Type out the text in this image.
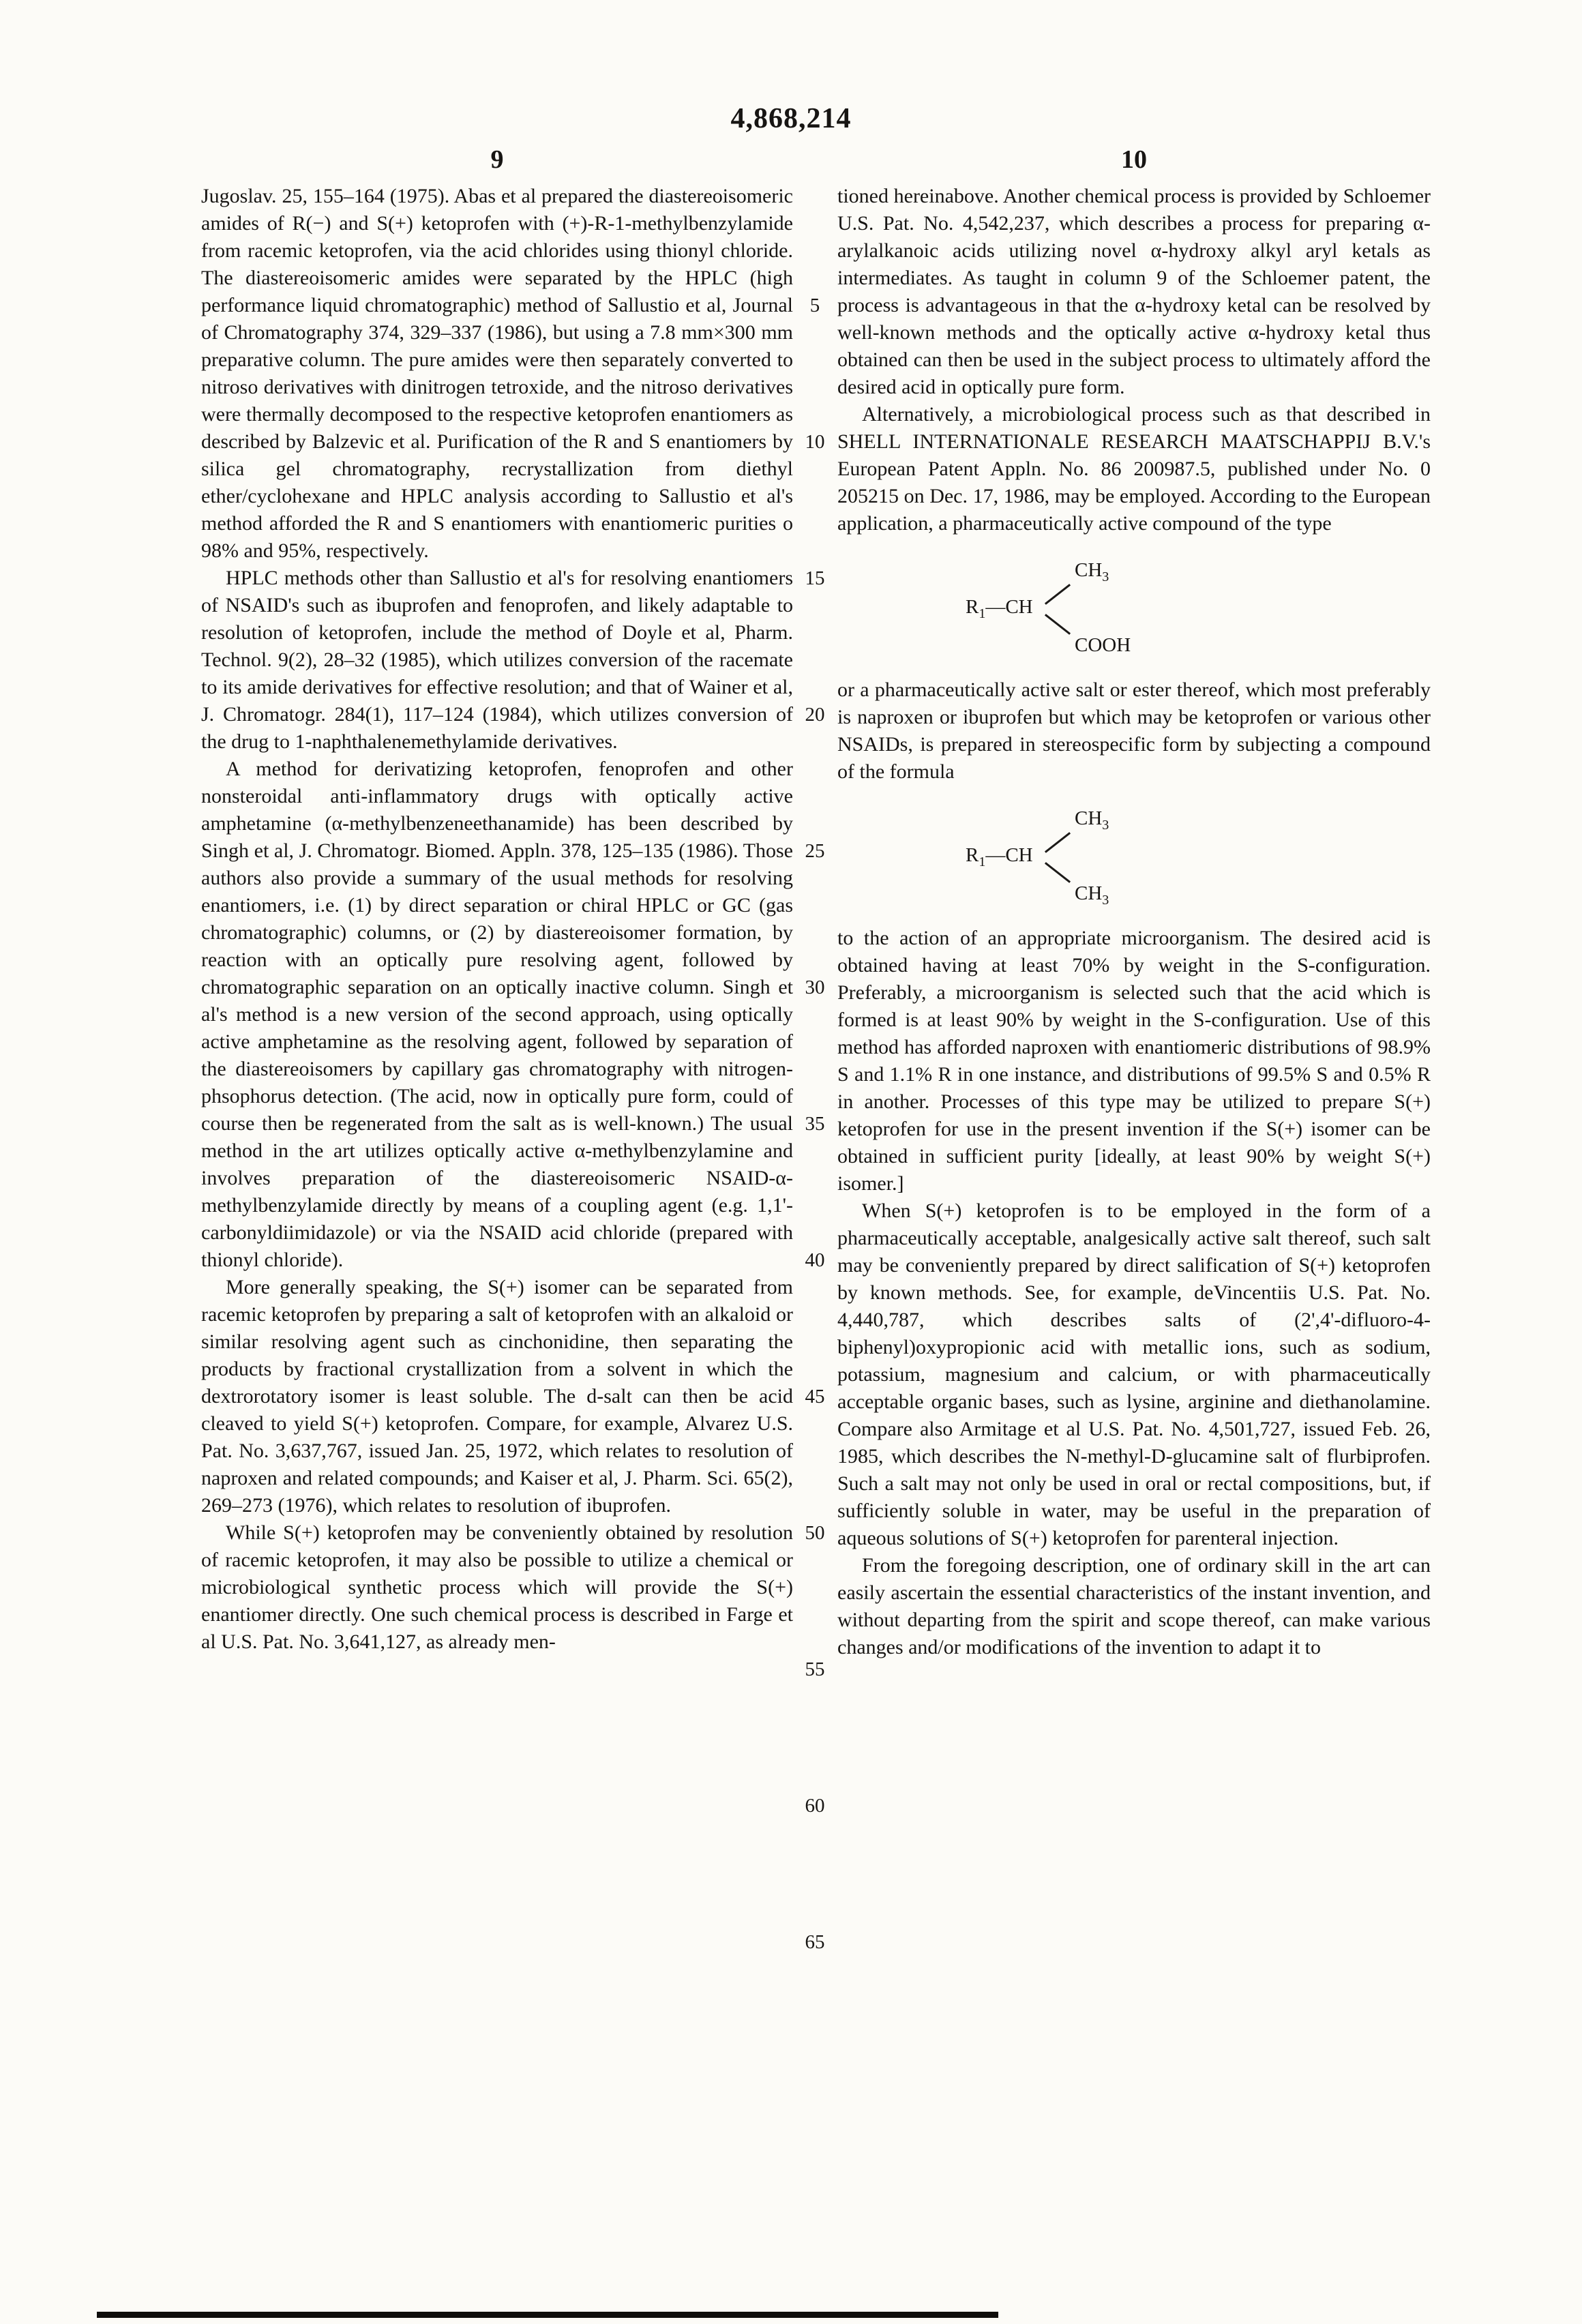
4,868,214
9	10

Jugoslav. 25, 155–164 (1975). Abas et al prepared the diastereoisomeric amides of R(−) and S(+) ketoprofen with (+)-R-1-methylbenzylamide from racemic ketoprofen, via the acid chlorides using thionyl chloride. The diastereoisomeric amides were separated by the HPLC (high performance liquid chromatographic) method of Sallustio et al, Journal of Chromatography 374, 329–337 (1986), but using a 7.8 mm×300 mm preparative column. The pure amides were then separately converted to nitroso derivatives with dinitrogen tetroxide, and the nitroso derivatives were thermally decomposed to the respective ketoprofen enantiomers as described by Balzevic et al. Purification of the R and S enantiomers by silica gel chromatography, recrystallization from diethyl ether/cyclohexane and HPLC analysis according to Sallustio et al's method afforded the R and S enantiomers with enantiomeric purities o 98% and 95%, respectively.

HPLC methods other than Sallustio et al's for resolving enantiomers of NSAID's such as ibuprofen and fenoprofen, and likely adaptable to resolution of ketoprofen, include the method of Doyle et al, Pharm. Technol. 9(2), 28–32 (1985), which utilizes conversion of the racemate to its amide derivatives for effective resolution; and that of Wainer et al, J. Chromatogr. 284(1), 117–124 (1984), which utilizes conversion of the drug to 1-naphthalenemethylamide derivatives.

A method for derivatizing ketoprofen, fenoprofen and other nonsteroidal anti-inflammatory drugs with optically active amphetamine (α-methylbenzeneethanamide) has been described by Singh et al, J. Chromatogr. Biomed. Appln. 378, 125–135 (1986). Those authors also provide a summary of the usual methods for resolving enantiomers, i.e. (1) by direct separation or chiral HPLC or GC (gas chromatographic) columns, or (2) by diastereoisomer formation, by reaction with an optically pure resolving agent, followed by chromatographic separation on an optically inactive column. Singh et al's method is a new version of the second approach, using optically active amphetamine as the resolving agent, followed by separation of the diastereoisomers by capillary gas chromatography with nitrogen-phsophorus detection. (The acid, now in optically pure form, could of course then be regenerated from the salt as is well-known.) The usual method in the art utilizes optically active α-methylbenzylamine and involves preparation of the diastereoisomeric NSAID-α-methylbenzylamide directly by means of a coupling agent (e.g. 1,1'-carbonyldiimidazole) or via the NSAID acid chloride (prepared with thionyl chloride).

More generally speaking, the S(+) isomer can be separated from racemic ketoprofen by preparing a salt of ketoprofen with an alkaloid or similar resolving agent such as cinchonidine, then separating the products by fractional crystallization from a solvent in which the dextrorotatory isomer is least soluble. The d-salt can then be acid cleaved to yield S(+) ketoprofen. Compare, for example, Alvarez U.S. Pat. No. 3,637,767, issued Jan. 25, 1972, which relates to resolution of naproxen and related compounds; and Kaiser et al, J. Pharm. Sci. 65(2), 269–273 (1976), which relates to resolution of ibuprofen.

While S(+) ketoprofen may be conveniently obtained by resolution of racemic ketoprofen, it may also be possible to utilize a chemical or microbiological synthetic process which will provide the S(+) enantiomer directly. One such chemical process is described in Farge et al U.S. Pat. No. 3,641,127, as already men-

5
10
15
20
25
30
35
40
45
50
55
60
65

tioned hereinabove. Another chemical process is provided by Schloemer U.S. Pat. No. 4,542,237, which describes a process for preparing α-arylalkanoic acids utilizing novel α-hydroxy alkyl aryl ketals as intermediates. As taught in column 9 of the Schloemer patent, the process is advantageous in that the α-hydroxy ketal can be resolved by well-known methods and the optically active α-hydroxy ketal thus obtained can then be used in the subject process to ultimately afford the desired acid in optically pure form.

Alternatively, a microbiological process such as that described in SHELL INTERNATIONALE RESEARCH MAATSCHAPPIJ B.V.'s European Patent Appln. No. 86 200987.5, published under No. 0 205215 on Dec. 17, 1986, may be employed. According to the European application, a pharmaceutically active compound of the type

$CH_3$
$R_1—CH$
COOH

or a pharmaceutically active salt or ester thereof, which most preferably is naproxen or ibuprofen but which may be ketoprofen or various other NSAIDs, is prepared in stereospecific form by subjecting a compound of the formula

$CH_3$
$R_1—CH$
$CH_3$

to the action of an appropriate microorganism. The desired acid is obtained having at least 70% by weight in the S-configuration. Preferably, a microorganism is selected such that the acid which is formed is at least 90% by weight in the S-configuration. Use of this method has afforded naproxen with enantiomeric distributions of 98.9% S and 1.1% R in one instance, and distributions of 99.5% S and 0.5% R in another. Processes of this type may be utilized to prepare S(+) ketoprofen for use in the present invention if the S(+) isomer can be obtained in sufficient purity [ideally, at least 90% by weight S(+) isomer.]

When S(+) ketoprofen is to be employed in the form of a pharmaceutically acceptable, analgesically active salt thereof, such salt may be conveniently prepared by direct salification of S(+) ketoprofen by known methods. See, for example, deVincentiis U.S. Pat. No. 4,440,787, which describes salts of (2',4'-difluoro-4-biphenyl)oxypropionic acid with metallic ions, such as sodium, potassium, magnesium and calcium, or with pharmaceutically acceptable organic bases, such as lysine, arginine and diethanolamine. Compare also Armitage et al U.S. Pat. No. 4,501,727, issued Feb. 26, 1985, which describes the N-methyl-D-glucamine salt of flurbiprofen. Such a salt may not only be used in oral or rectal compositions, but, if sufficiently soluble in water, may be useful in the preparation of aqueous solutions of S(+) ketoprofen for parenteral injection.

From the foregoing description, one of ordinary skill in the art can easily ascertain the essential characteristics of the instant invention, and without departing from the spirit and scope thereof, can make various changes and/or modifications of the invention to adapt it to
